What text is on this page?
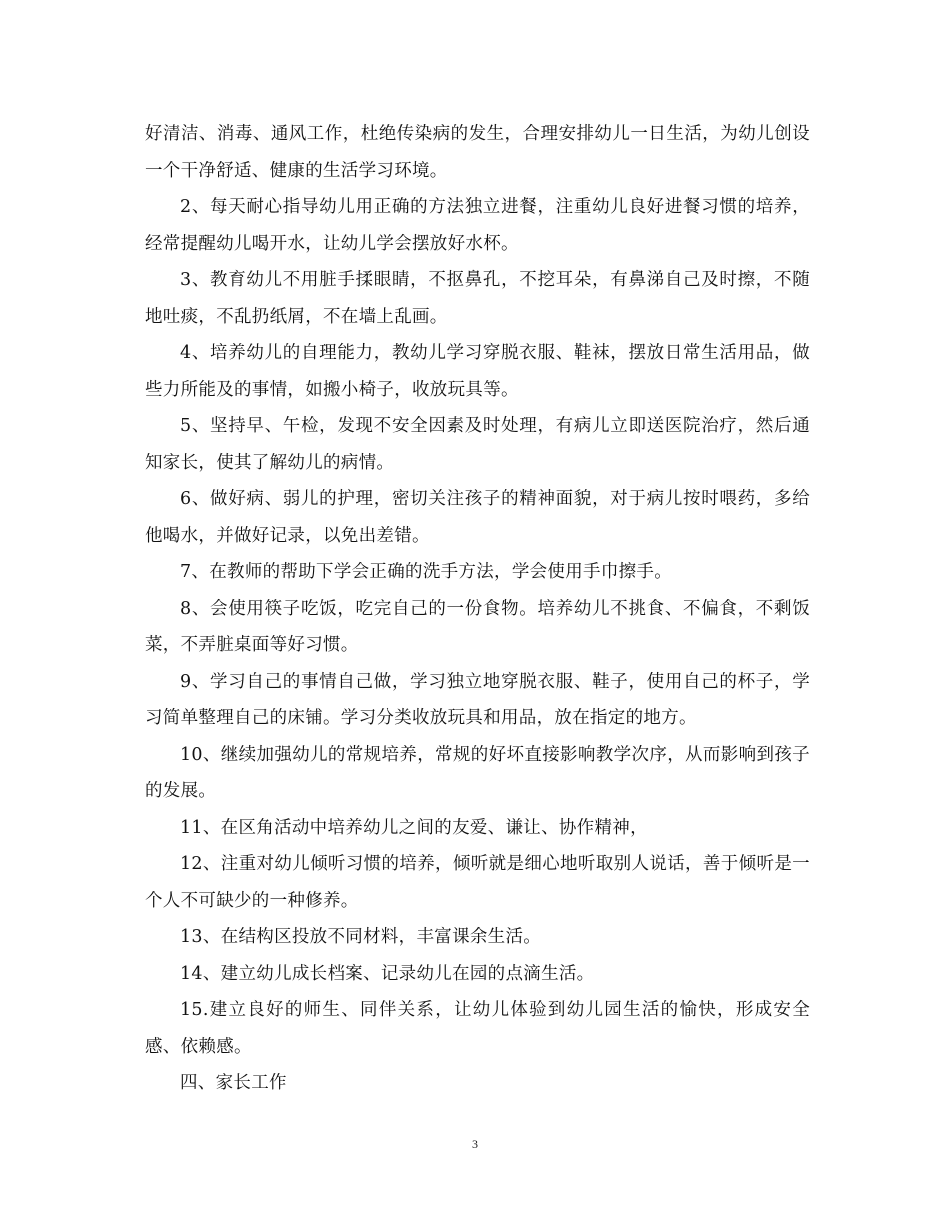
好清洁、消毒、通风工作，杜绝传染病的发生，合理安排幼儿一日生活，为幼儿创设一个干净舒适、健康的生活学习环境。

2、每天耐心指导幼儿用正确的方法独立进餐，注重幼儿良好进餐习惯的培养，经常提醒幼儿喝开水，让幼儿学会摆放好水杯。

3、教育幼儿不用脏手揉眼睛，不抠鼻孔，不挖耳朵，有鼻涕自己及时擦，不随地吐痰，不乱扔纸屑，不在墙上乱画。

4、培养幼儿的自理能力，教幼儿学习穿脱衣服、鞋袜，摆放日常生活用品，做些力所能及的事情，如搬小椅子，收放玩具等。

5、坚持早、午检，发现不安全因素及时处理，有病儿立即送医院治疗，然后通知家长，使其了解幼儿的病情。

6、做好病、弱儿的护理，密切关注孩子的精神面貌，对于病儿按时喂药，多给他喝水，并做好记录，以免出差错。

7、在教师的帮助下学会正确的洗手方法，学会使用手巾擦手。

8、会使用筷子吃饭，吃完自己的一份食物。培养幼儿不挑食、不偏食，不剩饭菜，不弄脏桌面等好习惯。

9、学习自己的事情自己做，学习独立地穿脱衣服、鞋子，使用自己的杯子，学习简单整理自己的床铺。学习分类收放玩具和用品，放在指定的地方。

10、继续加强幼儿的常规培养，常规的好坏直接影响教学次序，从而影响到孩子的发展。

11、在区角活动中培养幼儿之间的友爱、谦让、协作精神，

12、注重对幼儿倾听习惯的培养，倾听就是细心地听取别人说话，善于倾听是一个人不可缺少的一种修养。

13、在结构区投放不同材料，丰富课余生活。

14、建立幼儿成长档案、记录幼儿在园的点滴生活。

15.建立良好的师生、同伴关系，让幼儿体验到幼儿园生活的愉快，形成安全感、依赖感。

四、家长工作

3
